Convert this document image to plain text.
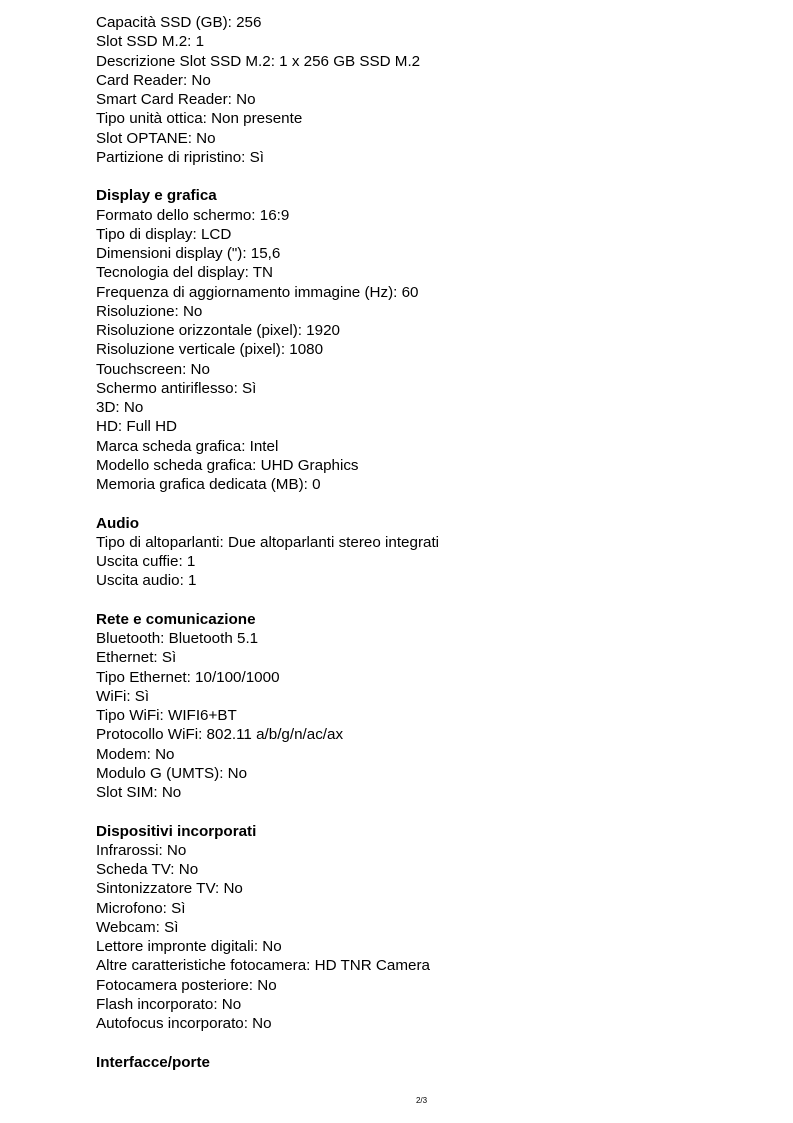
Capacità SSD (GB): 256
Slot SSD M.2: 1
Descrizione Slot SSD M.2: 1 x 256 GB SSD M.2
Card Reader: No
Smart Card Reader: No
Tipo unità ottica: Non presente
Slot OPTANE: No
Partizione di ripristino: Sì
Display e grafica
Formato dello schermo: 16:9
Tipo di display: LCD
Dimensioni display ("): 15,6
Tecnologia del display: TN
Frequenza di aggiornamento immagine (Hz): 60
Risoluzione: No
Risoluzione orizzontale (pixel): 1920
Risoluzione verticale (pixel): 1080
Touchscreen: No
Schermo antiriflesso: Sì
3D: No
HD: Full HD
Marca scheda grafica: Intel
Modello scheda grafica: UHD Graphics
Memoria grafica dedicata (MB): 0
Audio
Tipo di altoparlanti: Due altoparlanti stereo integrati
Uscita cuffie: 1
Uscita audio: 1
Rete e comunicazione
Bluetooth: Bluetooth 5.1
Ethernet: Sì
Tipo Ethernet: 10/100/1000
WiFi: Sì
Tipo WiFi: WIFI6+BT
Protocollo WiFi: 802.11 a/b/g/n/ac/ax
Modem: No
Modulo G (UMTS): No
Slot SIM: No
Dispositivi incorporati
Infrarossi: No
Scheda TV: No
Sintonizzatore TV: No
Microfono: Sì
Webcam: Sì
Lettore impronte digitali: No
Altre caratteristiche fotocamera: HD TNR Camera
Fotocamera posteriore: No
Flash incorporato: No
Autofocus incorporato: No
Interfacce/porte
2/3
